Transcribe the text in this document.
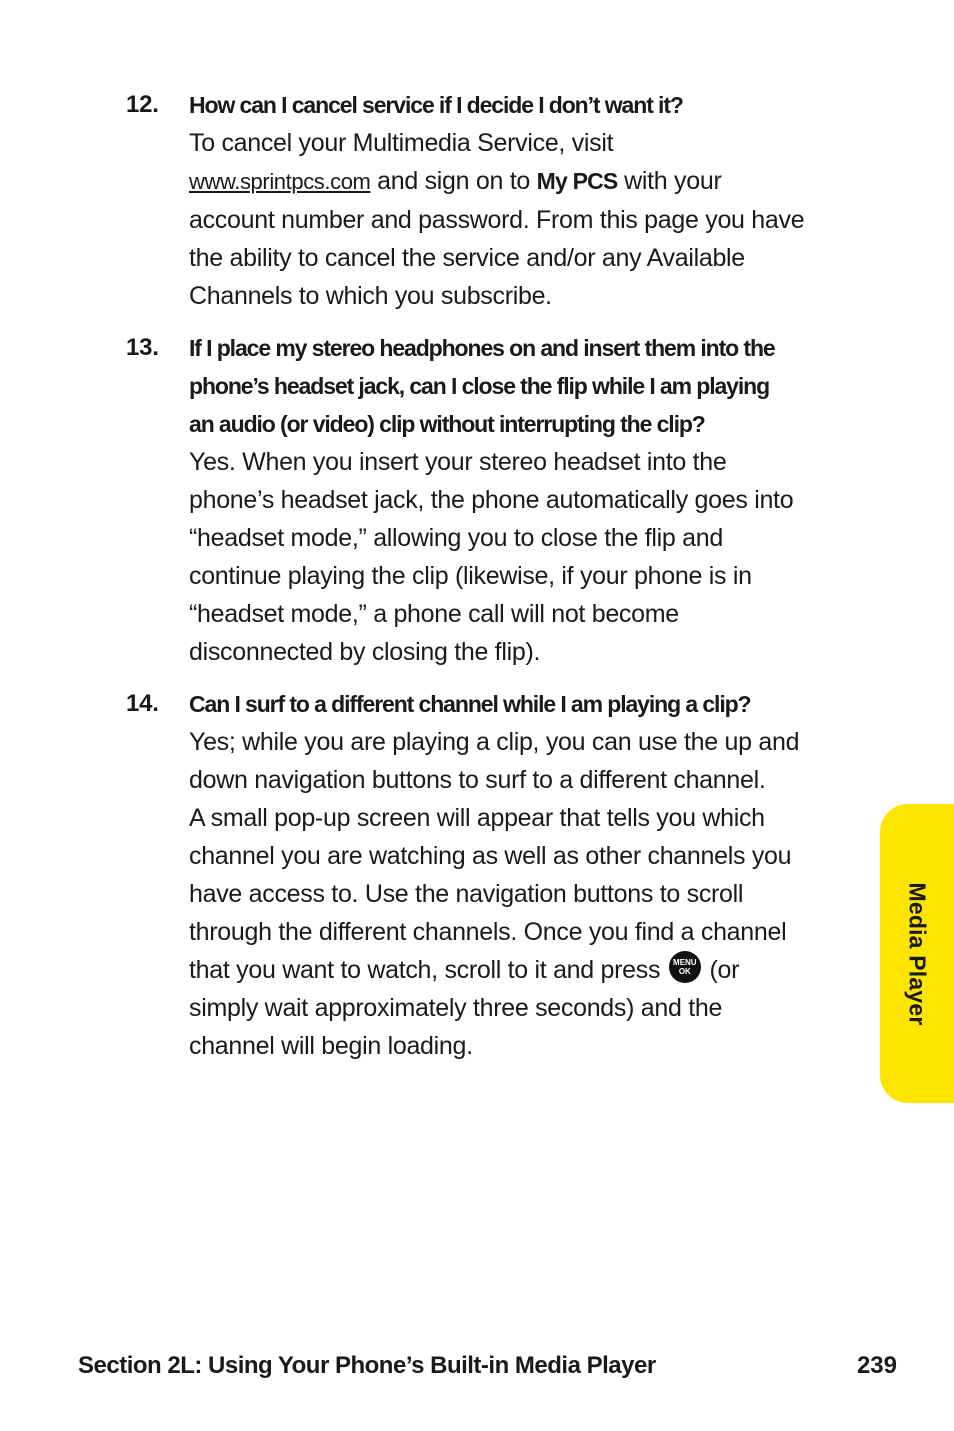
12. How can I cancel service if I decide I don’t want it?
To cancel your Multimedia Service, visit
www.sprintpcs.com and sign on to My PCS with your
account number and password. From this page you have
the ability to cancel the service and/or any Available
Channels to which you subscribe.
13. If I place my stereo headphones on and insert them into the
phone’s headset jack, can I close the flip while I am playing
an audio (or video) clip without interrupting the clip?
Yes. When you insert your stereo headset into the
phone’s headset jack, the phone automatically goes into
“headset mode,” allowing you to close the flip and
continue playing the clip (likewise, if your phone is in
“headset mode,” a phone call will not become
disconnected by closing the flip).
14. Can I surf to a different channel while I am playing a clip?
Yes; while you are playing a clip, you can use the up and
down navigation buttons to surf to a different channel.
A small pop-up screen will appear that tells you which
channel you are watching as well as other channels you
have access to. Use the navigation buttons to scroll
through the different channels. Once you find a channel
that you want to watch, scroll to it and press MENU
OK (or
simply wait approximately three seconds) and the
channel will begin loading.
Media Player
Section 2L: Using Your Phone’s Built-in Media Player	239
